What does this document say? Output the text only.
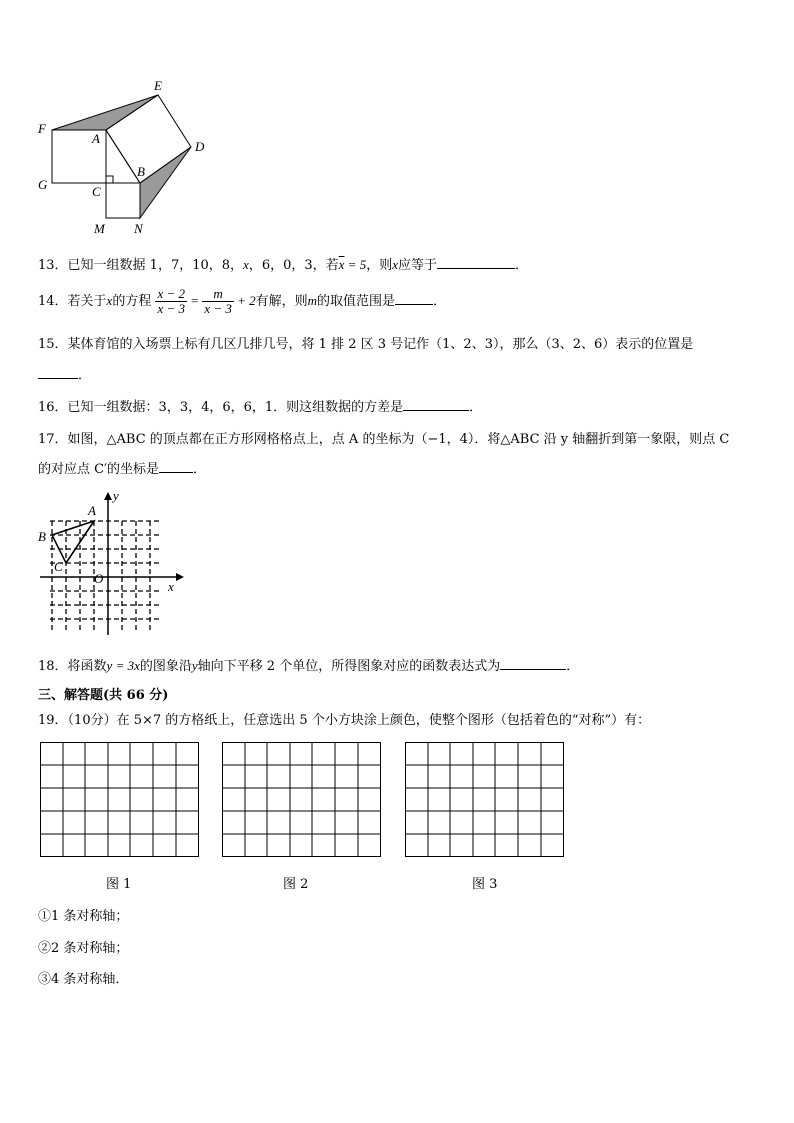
E
F
A
D
B
G	C
M N
13．已知一组数据 1，7，10，8，x，6，0，3，若$\overline{x} = 5$，则x应等于	．
14．若关于x的方程 $\frac{x - 2}{x - 3} = \frac{m}{x - 3} + 2$有解，则m的取值范围是	．
15．某体育馆的入场票上标有几区几排几号，将 1 排 2 区 3 号记作（1、2、3），那么（3、2、6）表示的位置是
．
16．已知一组数据：3，3，4，6，6，1．则这组数据的方差是	．
17．如图，△ABC 的顶点都在正方形网格格点上，点 A 的坐标为（−1，4）．将△ABC 沿 y 轴翻折到第一象限，则点 C
的对应点 C′的坐标是	．
y
x
A
B
C
O
18．将函数y = 3x的图象沿y轴向下平移 2 个单位，所得图象对应的函数表达式为	．
三、解答题(共 66 分)
19．（10分）在 5×7 的方格纸上，任意选出 5 个小方块涂上颜色，使整个图形（包括着色的“对称”）有：
图 1	图 2	图 3
①1 条对称轴；
②2 条对称轴；
③4 条对称轴．
